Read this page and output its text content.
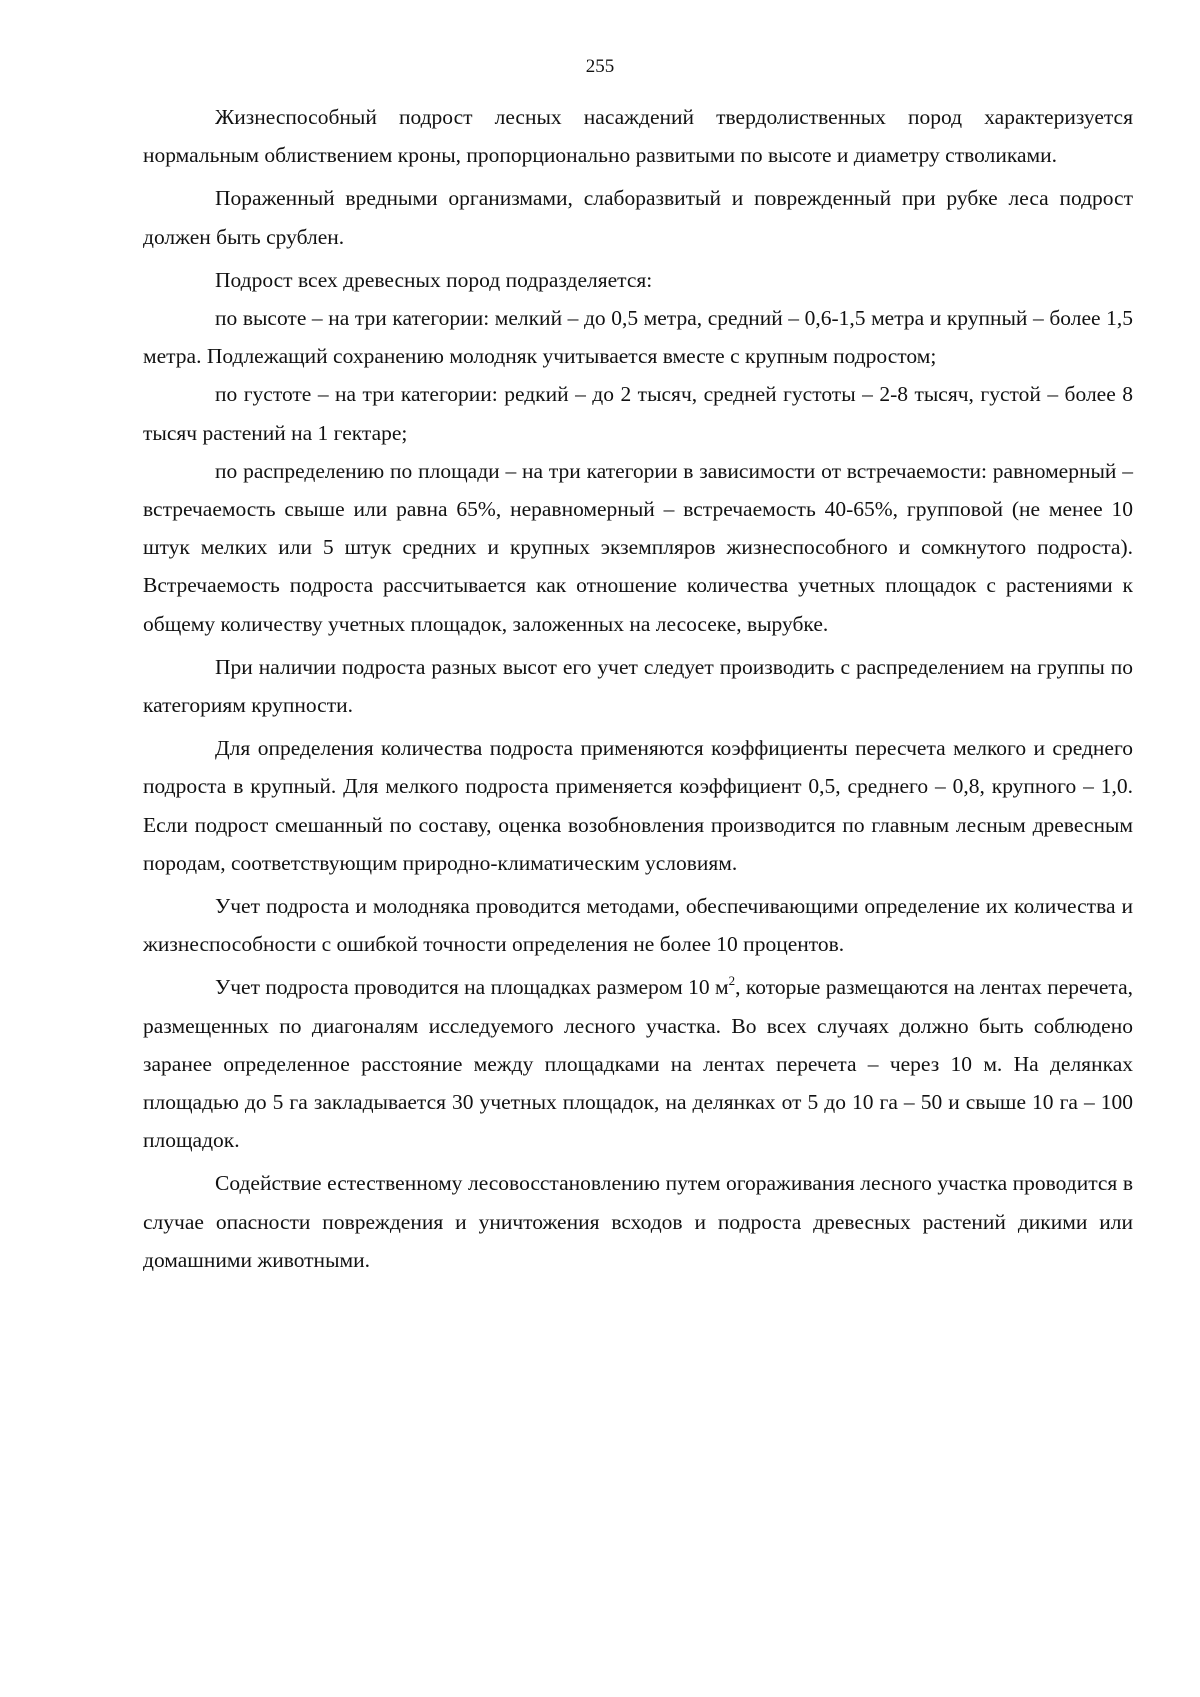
255

Жизнеспособный подрост лесных насаждений твердолиственных пород характеризуется нормальным облиствением кроны, пропорционально развитыми по высоте и диаметру стволиками.

Пораженный вредными организмами, слаборазвитый и поврежденный при рубке леса подрост должен быть срублен.

Подрост всех древесных пород подразделяется:

по высоте – на три категории: мелкий – до 0,5 метра, средний – 0,6-1,5 метра и крупный – более 1,5 метра. Подлежащий сохранению молодняк учитывается вместе с крупным подростом;

по густоте – на три категории: редкий – до 2 тысяч, средней густоты – 2-8 тысяч, густой – более 8 тысяч растений на 1 гектаре;

по распределению по площади – на три категории в зависимости от встречаемости: равномерный – встречаемость свыше или равна 65%, неравномерный – встречаемость 40-65%, групповой (не менее 10 штук мелких или 5 штук средних и крупных экземпляров жизнеспособного и сомкнутого подроста). Встречаемость подроста рассчитывается как отношение количества учетных площадок с растениями к общему количеству учетных площадок, заложенных на лесосеке, вырубке.

При наличии подроста разных высот его учет следует производить с распределением на группы по категориям крупности.

Для определения количества подроста применяются коэффициенты пересчета мелкого и среднего подроста в крупный. Для мелкого подроста применяется коэффициент 0,5, среднего – 0,8, крупного – 1,0. Если подрост смешанный по составу, оценка возобновления производится по главным лесным древесным породам, соответствующим природно-климатическим условиям.

Учет подроста и молодняка проводится методами, обеспечивающими определение их количества и жизнеспособности с ошибкой точности определения не более 10 процентов.

Учет подроста проводится на площадках размером 10 $м^2$, которые размещаются на лентах перечета, размещенных по диагоналям исследуемого лесного участка. Во всех случаях должно быть соблюдено заранее определенное расстояние между площадками на лентах перечета – через 10 м. На делянках площадью до 5 га закладывается 30 учетных площадок, на делянках от 5 до 10 га – 50 и свыше 10 га – 100 площадок.

Содействие естественному лесовосстановлению путем огораживания лесного участка проводится в случае опасности повреждения и уничтожения всходов и подроста древесных растений дикими или домашними животными.
